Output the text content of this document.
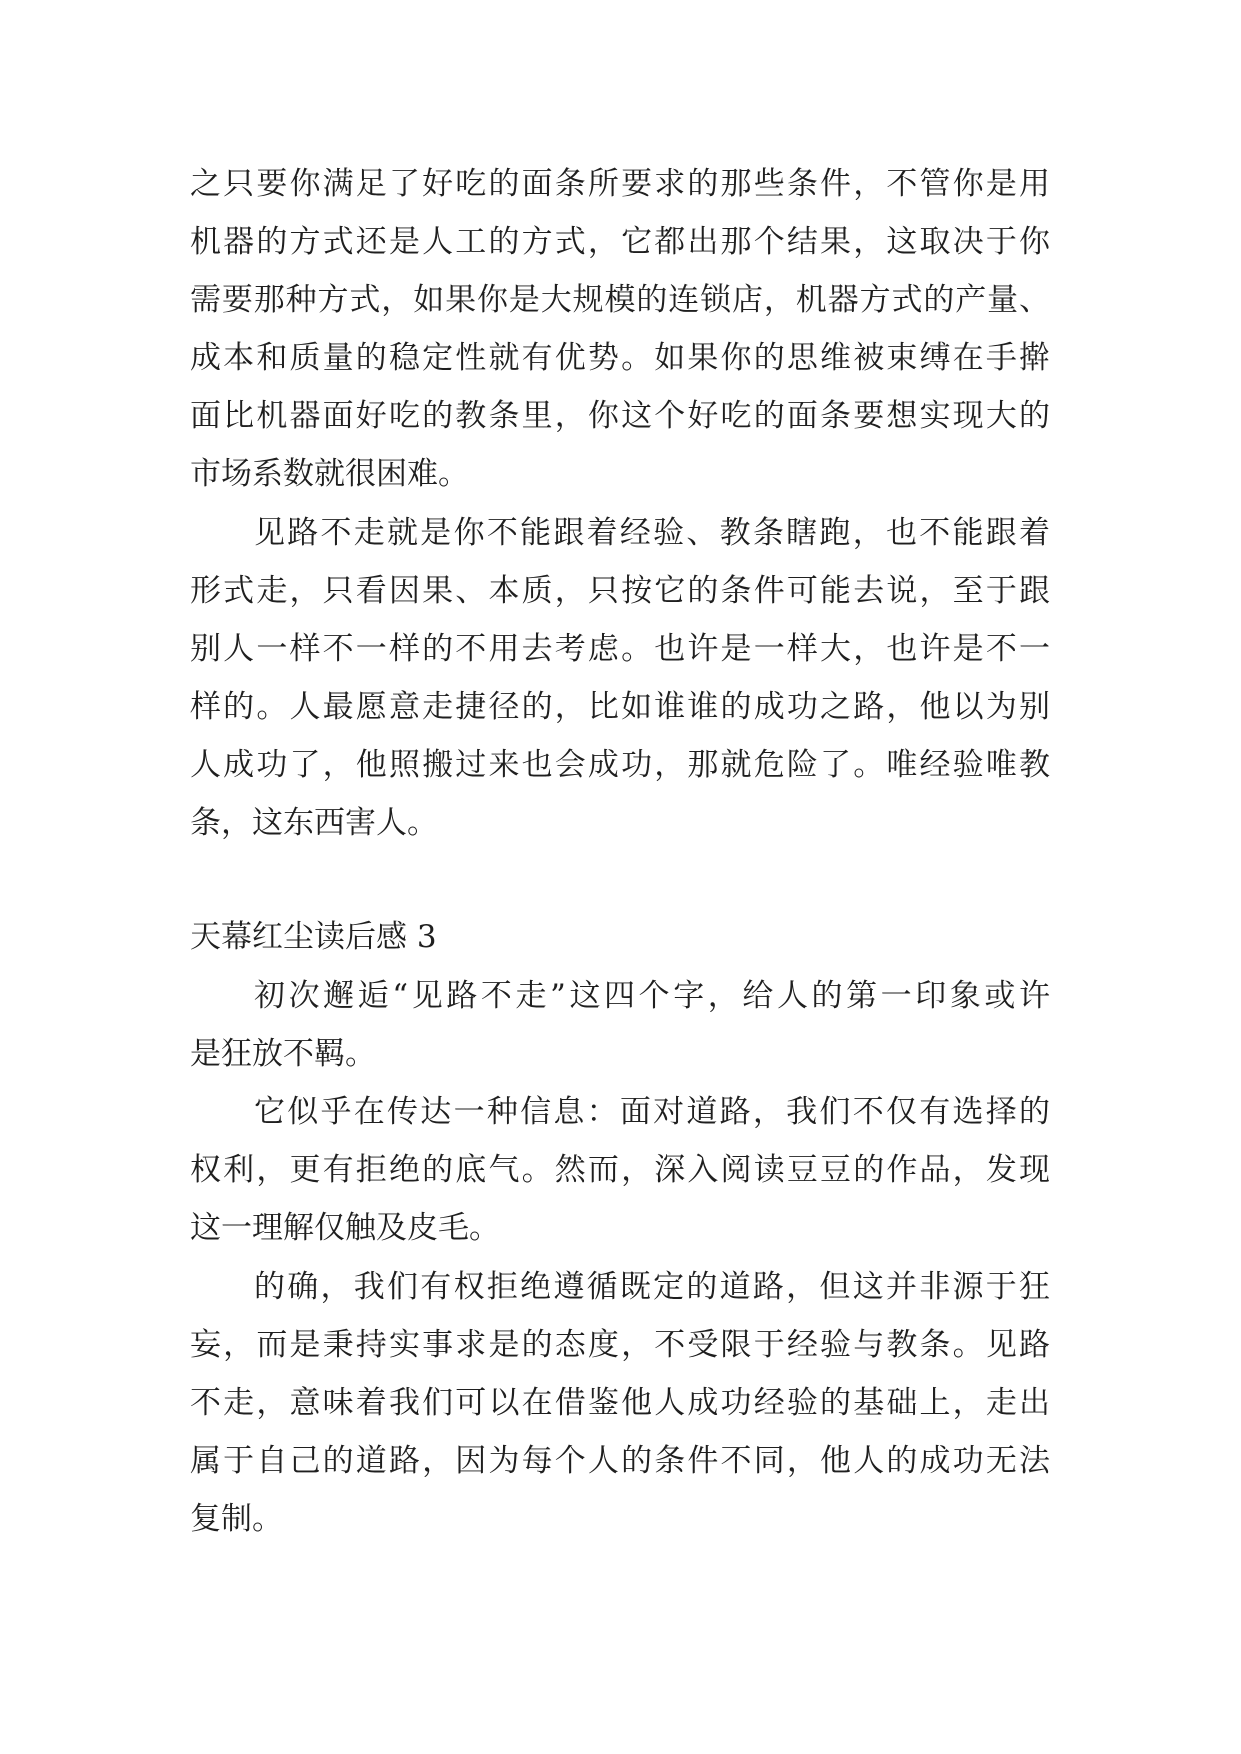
之只要你满足了好吃的面条所要求的那些条件，不管你是用
机器的方式还是人工的方式，它都出那个结果，这取决于你
需要那种方式，如果你是大规模的连锁店，机器方式的产量、
成本和质量的稳定性就有优势。如果你的思维被束缚在手擀
面比机器面好吃的教条里，你这个好吃的面条要想实现大的
市场系数就很困难。
见路不走就是你不能跟着经验、教条瞎跑，也不能跟着
形式走，只看因果、本质，只按它的条件可能去说，至于跟
别人一样不一样的不用去考虑。也许是一样大，也许是不一
样的。人最愿意走捷径的，比如谁谁的成功之路，他以为别
人成功了，他照搬过来也会成功，那就危险了。唯经验唯教
条，这东西害人。
天幕红尘读后感 3
初次邂逅“见路不走”这四个字，给人的第一印象或许
是狂放不羁。
它似乎在传达一种信息：面对道路，我们不仅有选择的
权利，更有拒绝的底气。然而，深入阅读豆豆的作品，发现
这一理解仅触及皮毛。
的确，我们有权拒绝遵循既定的道路，但这并非源于狂
妄，而是秉持实事求是的态度，不受限于经验与教条。见路
不走，意味着我们可以在借鉴他人成功经验的基础上，走出
属于自己的道路，因为每个人的条件不同，他人的成功无法
复制。
